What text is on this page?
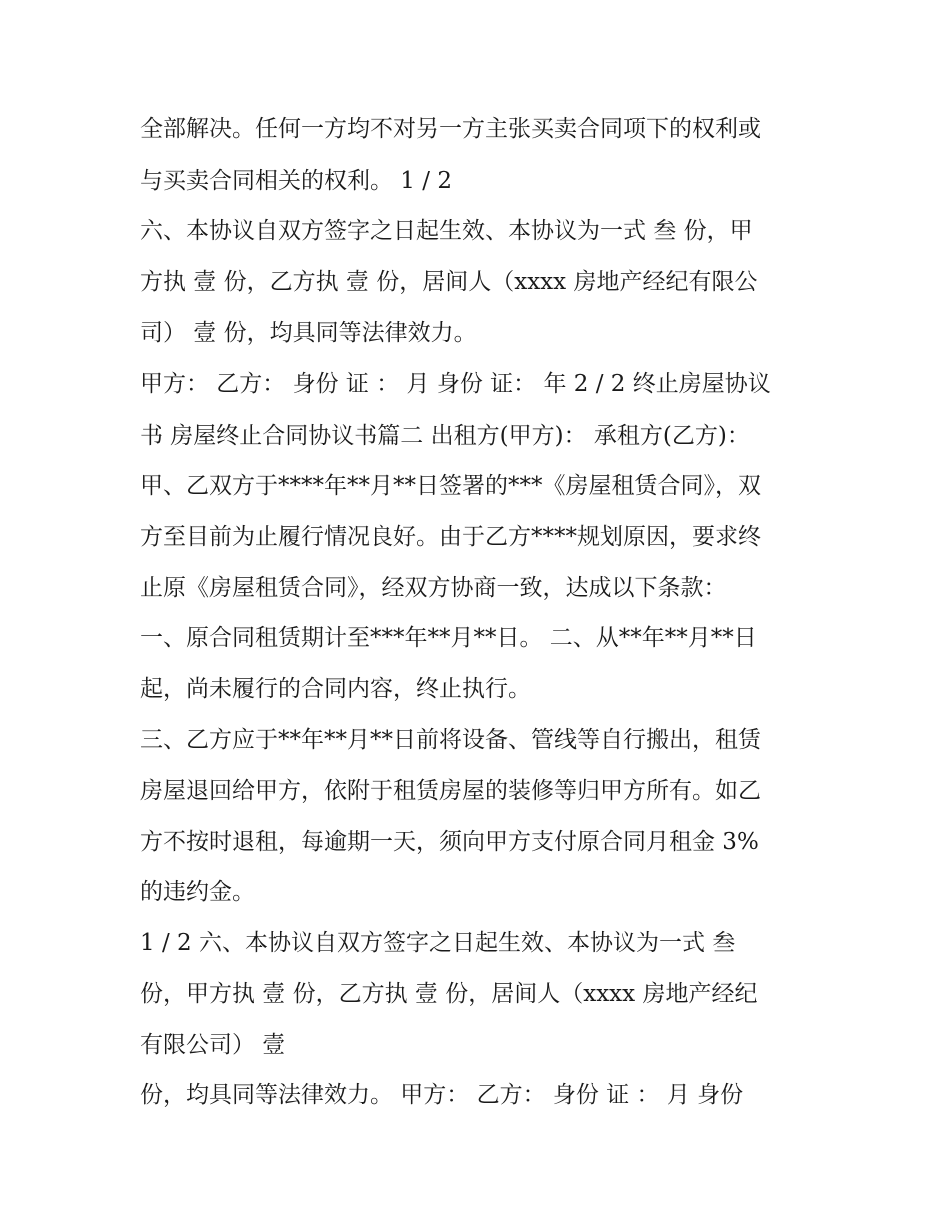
全部解决。任何一方均不对另一方主张买卖合同项下的权利或
与买卖合同相关的权利。 1 / 2
六、本协议自双方签字之日起生效、本协议为一式 叁 份，甲
方执 壹 份，乙方执 壹 份，居间人（xxxx 房地产经纪有限公
司） 壹 份，均具同等法律效力。
甲方： 乙方： 身份 证 ： 月 身份 证： 年 2 / 2 终止房屋协议
书 房屋终止合同协议书篇二 出租方(甲方)： 承租方(乙方)：
甲、乙双方于****年**月**日签署的***《房屋租赁合同》，双
方至目前为止履行情况良好。由于乙方****规划原因，要求终
止原《房屋租赁合同》，经双方协商一致，达成以下条款：
一、原合同租赁期计至***年**月**日。 二、从**年**月**日
起，尚未履行的合同内容，终止执行。
三、乙方应于**年**月**日前将设备、管线等自行搬出，租赁
房屋退回给甲方，依附于租赁房屋的装修等归甲方所有。如乙
方不按时退租，每逾期一天，须向甲方支付原合同月租金 3%
的违约金。
1 / 2 六、本协议自双方签字之日起生效、本协议为一式 叁
份，甲方执 壹 份，乙方执 壹 份，居间人（xxxx 房地产经纪
有限公司） 壹
份，均具同等法律效力。 甲方： 乙方： 身份 证 ： 月 身份
